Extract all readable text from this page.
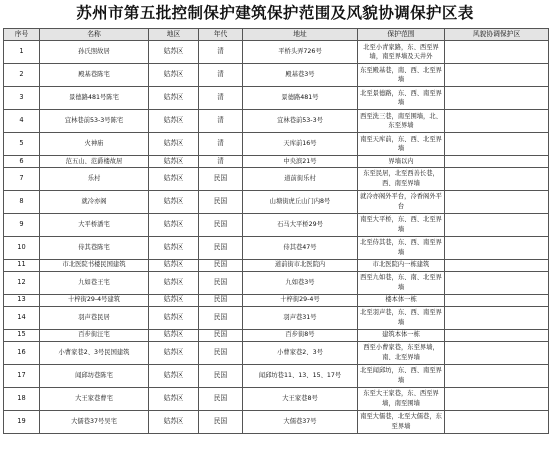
苏州市第五批控制保护建筑保护范围及风貌协调保护区表
序号	名称	地区	年代	地址	保护范围	风貌协调保护区
1	孙氏照故居	姑苏区	清	平桥头弄726号	北至小青家路，东、西至界墙，南至界墙及天井外	
2	殿基巷陈宅	姑苏区	清	殿基巷3号	东至殿基巷，南、西、北至界墙	
3	景德路481号陈宅	姑苏区	清	景德路481号	北至景德路，东、西、南至界墙	
4	宜林巷前53-3号陈宅	姑苏区	清	宜林巷前53-3号	西至洗三巷，南至围墙，北、东至界墙	
5	火神庙	姑苏区	清	天库前16号	南至天库前，东、西、北至界墙	
6	范五山、范爵楼故居	姑苏区	清	中央滨21号	界墙以内	
7	乐村	姑苏区	民国	道前街乐村	东至民居，北至西善长巷，西、南至界墙	
8	就冷亦阁	姑苏区	民国	山塘街虎丘山门内8号	就冷亦阁外平台，冷香阁外平台	
9	大平桥潘宅	姑苏区	民国	石马大平桥29号	南至大平桥，东、西、北至界墙	
10	侍其巷陈宅	姑苏区	民国	侍其巷47号	北至侍其巷，东、西、南至界墙	
11	市北医院书楼民国建筑	姑苏区	民国	道前街市北医院内	市北医院内一栋建筑	
12	九如巷王宅	姑苏区	民国	九如巷3号	西至九如巷，东、南、北至界墙	
13	十梓街29-4号建筑	姑苏区	民国	十梓街29-4号	楼本体一栋	
14	羽声巷民居	姑苏区	民国	羽声巷31号	北至羽声巷，东、西、南至界墙	
15	百步街汪宅	姑苏区	民国	百步街8号	建筑本体一栋	
16	小曹家巷2、3号民国建筑	姑苏区	民国	小曹家巷2、3号	西至小曹家巷，东至界墙，南、北至界墙	
17	闻邱坊巷陈宅	姑苏区	民国	闻邱坊巷11、13、15、17号	北至闻邱坊，东、西、南至界墙	
18	大王家巷曹宅	姑苏区	民国	大王家巷8号	东至大王家巷，东、西至界墙，南至围墙	
19	大儒巷37号吴宅	姑苏区	民国	大儒巷37号	南至大儒巷，北至大儒巷，东至界墙	
